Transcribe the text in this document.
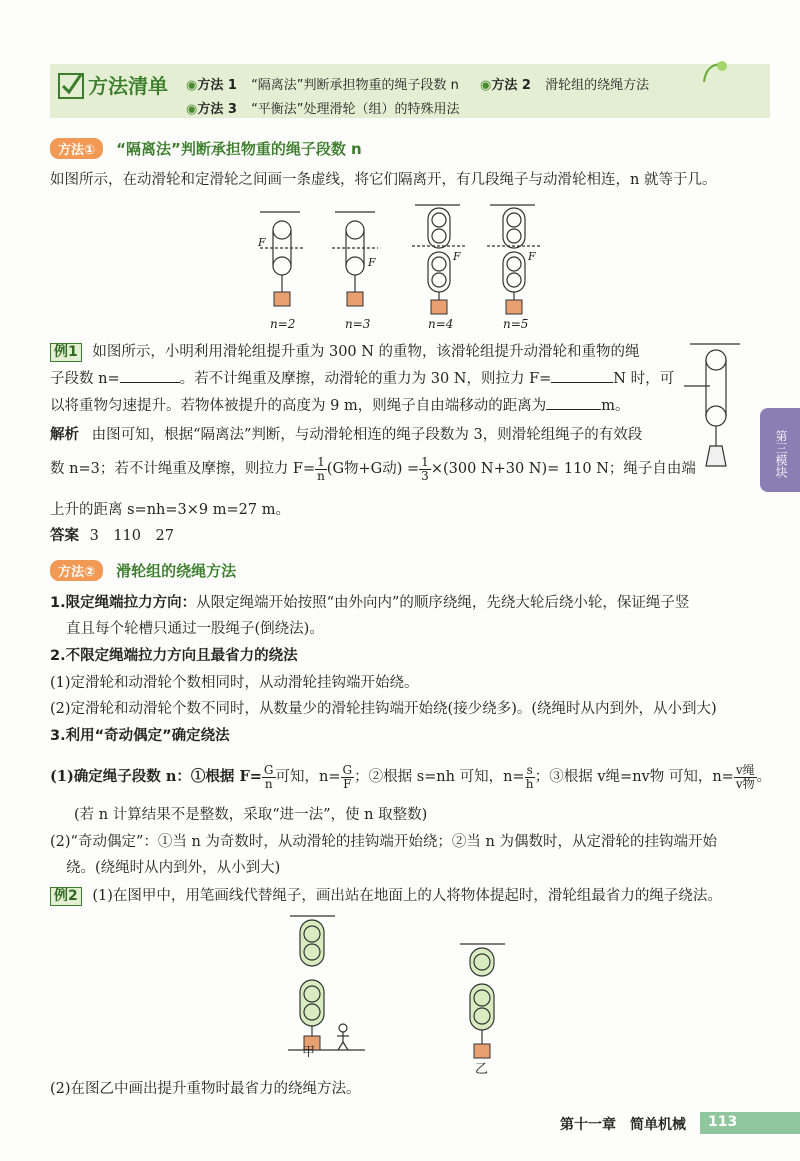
方法清单 ◉方法 1 “隔离法”判断承担物重的绳子段数 n ◉方法 2 滑轮组的绕绳方法
◉方法 3 “平衡法”处理滑轮（组）的特殊用法
方法① “隔离法”判断承担物重的绳子段数 n
如图所示，在动滑轮和定滑轮之间画一条虚线，将它们隔离开，有几段绳子与动滑轮相连，n 就等于几。
F
F	F	F
n=2	n=3	n=4	n=5
例1 如图所示，小明利用滑轮组提升重为 300 N 的重物，该滑轮组提升动滑轮和重物的绳
子段数 n=	。若不计绳重及摩擦，动滑轮的重力为 30 N，则拉力 F=	N 时，可
以将重物匀速提升。若物体被提升的高度为 9 m，则绳子自由端移动的距离为	m。
解析 由图可知，根据“隔离法”判断，与动滑轮相连的绳子段数为 3，则滑轮组绳子的有效段
数 n=3；若不计绳重及摩擦，则拉力 $F= \frac{1}{n} (G$物+G动) = $\frac{1}{3} \times(300$ N+30 N)= 110 N；绳子自由端
上升的距离 s=nh=3×9 m=27 m。
答案 3　110　27
方法② 滑轮组的绕绳方法
1.限定绳端拉力方向：从限定绳端开始按照“由外向内”的顺序绕绳，先绕大轮后绕小轮，保证绳子竖
直且每个轮槽只通过一股绳子(倒绕法)。
2.不限定绳端拉力方向且最省力的绕法
(1)定滑轮和动滑轮个数相同时，从动滑轮挂钩端开始绕。
(2)定滑轮和动滑轮个数不同时，从数量少的滑轮挂钩端开始绕(接少绕多)。(绕绳时从内到外，从小到大)
3.利用“奇动偶定”确定绕法
(1)确定绳子段数 n：①根据 $F= \frac{G}{n}$ 可知，$n= \frac{G}{F}$ ；②根据 s=nh 可知，$n= \frac{s}{h}$ ；③根据 v绳=nv物 可知，$n= \frac{\text{v绳}}{\text{v物}}$ 。
(若 n 计算结果不是整数，采取“进一法”，使 n 取整数)
(2)“奇动偶定”：①当 n 为奇数时，从动滑轮的挂钩端开始绕；②当 n 为偶数时，从定滑轮的挂钩端开始
绕。(绕绳时从内到外，从小到大)
例2 (1)在图甲中，用笔画线代替绳子，画出站在地面上的人将物体提起时，滑轮组最省力的绳子绕法。
甲
乙
(2)在图乙中画出提升重物时最省力的绕绳方法。
第三模块
第十一章　简单机械 113
